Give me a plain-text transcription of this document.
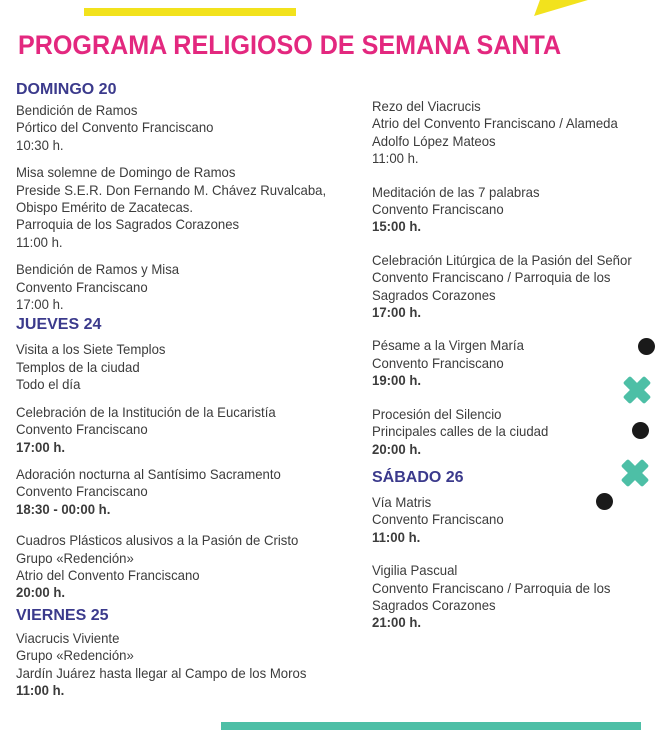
PROGRAMA RELIGIOSO DE SEMANA SANTA
DOMINGO 20
Bendición de Ramos
Pórtico del Convento Franciscano
10:30 h.
Misa solemne de Domingo de Ramos
Preside S.E.R. Don Fernando M. Chávez Ruvalcaba,
Obispo Emérito de Zacatecas.
Parroquia de los Sagrados Corazones
11:00 h.
Bendición de Ramos y Misa
Convento Franciscano
17:00 h.
JUEVES 24
Visita a los Siete Templos
Templos de la ciudad
Todo el día
Celebración de la Institución de la Eucaristía
Convento Franciscano
17:00 h.
Adoración nocturna al Santísimo Sacramento
Convento Franciscano
18:30 - 00:00 h.
Cuadros Plásticos alusivos a la Pasión de Cristo
Grupo «Redención»
Atrio del Convento Franciscano
20:00 h.
VIERNES 25
Viacrucis Viviente
Grupo «Redención»
Jardín Juárez hasta llegar al Campo de los Moros
11:00 h.
Rezo del Viacrucis
Atrio del Convento Franciscano / Alameda
Adolfo López Mateos
11:00 h.
Meditación de las 7 palabras
Convento Franciscano
15:00 h.
Celebración Litúrgica de la Pasión del Señor
Convento Franciscano / Parroquia de los
Sagrados Corazones
17:00 h.
Pésame a la Virgen María
Convento Franciscano
19:00 h.
Procesión del Silencio
Principales calles de la ciudad
20:00 h.
SÁBADO 26
Vía Matris
Convento Franciscano
11:00 h.
Vigilia Pascual
Convento Franciscano / Parroquia de los
Sagrados Corazones
21:00 h.
